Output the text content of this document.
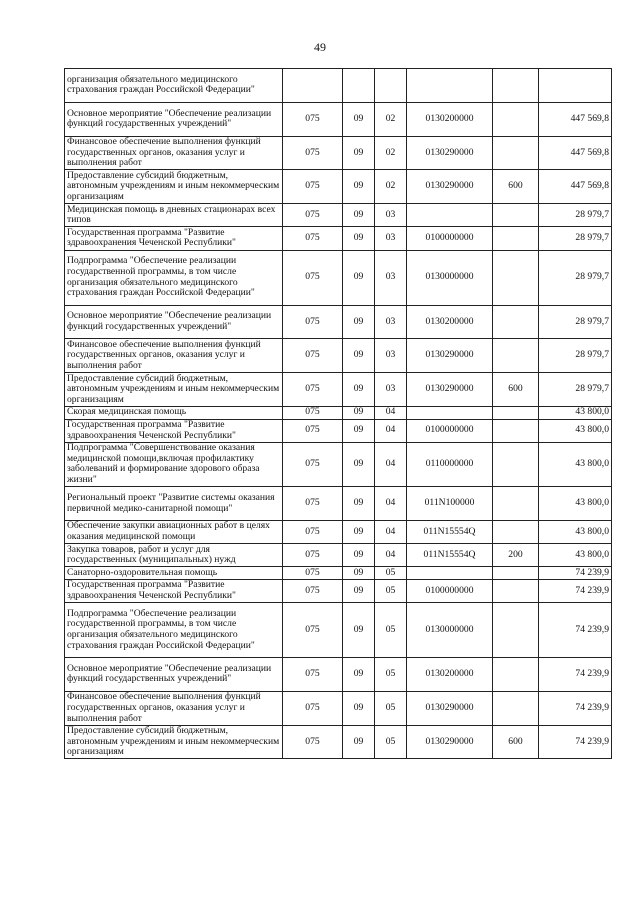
49
организация обязательного медицинского страхования граждан Российской Федерации"						
Основное мероприятие "Обеспечение реализации функций государственных учреждений"	075	09	02	0130200000		447 569,8
Финансовое обеспечение выполнения функций государственных органов, оказания услуг и выполнения работ	075	09	02	0130290000		447 569,8
Предоставление субсидий бюджетным, автономным учреждениям и иным некоммерческим организациям	075	09	02	0130290000	600	447 569,8
Медицинская помощь в дневных стационарах всех типов	075	09	03			28 979,7
Государственная программа "Развитие здравоохранения Чеченской Республики"	075	09	03	0100000000		28 979,7
Подпрограмма "Обеспечение реализации государственной программы, в том числе организация обязательного медицинского страхования граждан Российской Федерации"	075	09	03	0130000000		28 979,7
Основное мероприятие "Обеспечение реализации функций государственных учреждений"	075	09	03	0130200000		28 979,7
Финансовое обеспечение выполнения функций государственных органов, оказания услуг и выполнения работ	075	09	03	0130290000		28 979,7
Предоставление субсидий бюджетным, автономным учреждениям и иным некоммерческим организациям	075	09	03	0130290000	600	28 979,7
Скорая медицинская помощь	075	09	04			43 800,0
Государственная программа "Развитие здравоохранения Чеченской Республики"	075	09	04	0100000000		43 800,0
Подпрограмма "Совершенствование оказания медицинской помощи,включая профилактику заболеваний и формирование здорового образа жизни"	075	09	04	0110000000		43 800,0
Региональный проект "Развитие системы оказания первичной медико-санитарной помощи"	075	09	04	011N100000		43 800,0
Обеспечение закупки авиационных работ в целях оказания медицинской помощи	075	09	04	011N15554Q		43 800,0
Закупка товаров, работ и услуг для государственных (муниципальных) нужд	075	09	04	011N15554Q	200	43 800,0
Санаторно-оздоровительная помощь	075	09	05			74 239,9
Государственная программа "Развитие здравоохранения Чеченской Республики"	075	09	05	0100000000		74 239,9
Подпрограмма "Обеспечение реализации государственной программы, в том числе организация обязательного медицинского страхования граждан Российской Федерации"	075	09	05	0130000000		74 239,9
Основное мероприятие "Обеспечение реализации функций государственных учреждений"	075	09	05	0130200000		74 239,9
Финансовое обеспечение выполнения функций государственных органов, оказания услуг и выполнения работ	075	09	05	0130290000		74 239,9
Предоставление субсидий бюджетным, автономным учреждениям и иным некоммерческим организациям	075	09	05	0130290000	600	74 239,9
